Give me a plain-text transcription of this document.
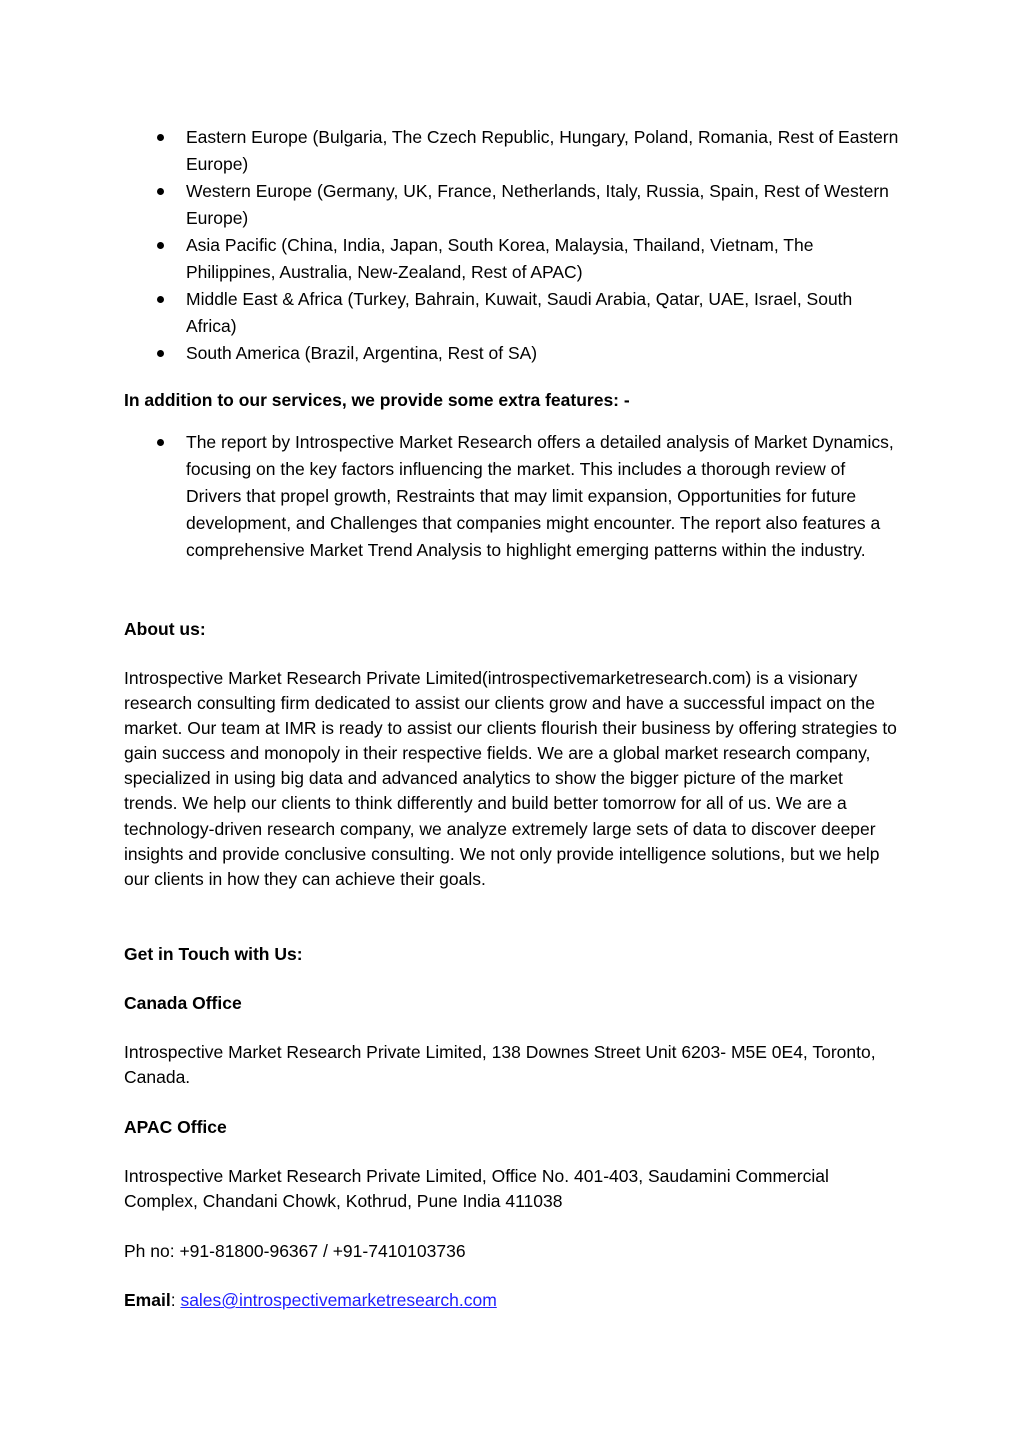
Eastern Europe (Bulgaria, The Czech Republic, Hungary, Poland, Romania, Rest of Eastern Europe)
Western Europe (Germany, UK, France, Netherlands, Italy, Russia, Spain, Rest of Western Europe)
Asia Pacific (China, India, Japan, South Korea, Malaysia, Thailand, Vietnam, The Philippines, Australia, New-Zealand, Rest of APAC)
Middle East & Africa (Turkey, Bahrain, Kuwait, Saudi Arabia, Qatar, UAE, Israel, South Africa)
South America (Brazil, Argentina, Rest of SA)
In addition to our services, we provide some extra features: -
The report by Introspective Market Research offers a detailed analysis of Market Dynamics, focusing on the key factors influencing the market. This includes a thorough review of Drivers that propel growth, Restraints that may limit expansion, Opportunities for future development, and Challenges that companies might encounter. The report also features a comprehensive Market Trend Analysis to highlight emerging patterns within the industry.
About us:
Introspective Market Research Private Limited(introspectivemarketresearch.com) is a visionary research consulting firm dedicated to assist our clients grow and have a successful impact on the market. Our team at IMR is ready to assist our clients flourish their business by offering strategies to gain success and monopoly in their respective fields. We are a global market research company, specialized in using big data and advanced analytics to show the bigger picture of the market trends. We help our clients to think differently and build better tomorrow for all of us. We are a technology-driven research company, we analyze extremely large sets of data to discover deeper insights and provide conclusive consulting. We not only provide intelligence solutions, but we help our clients in how they can achieve their goals.
Get in Touch with Us:
Canada Office
Introspective Market Research Private Limited, 138 Downes Street Unit 6203- M5E 0E4, Toronto, Canada.
APAC Office
Introspective Market Research Private Limited, Office No. 401-403, Saudamini Commercial Complex, Chandani Chowk, Kothrud, Pune India 411038
Ph no: +91-81800-96367 / +91-7410103736
Email: sales@introspectivemarketresearch.com
